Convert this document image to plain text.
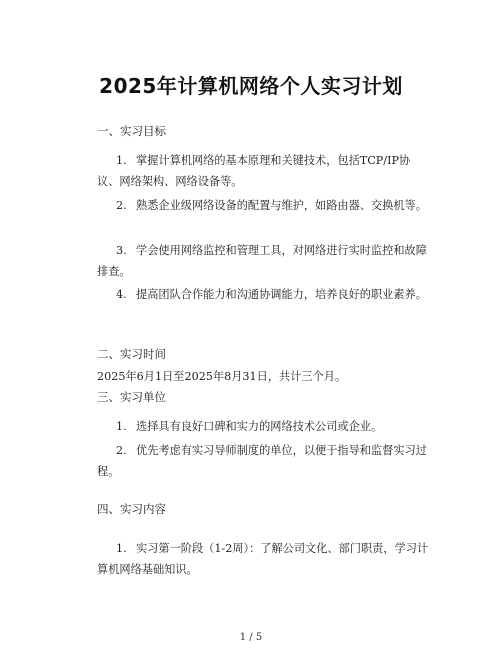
2025年计算机网络个人实习计划
一、实习目标
1. 掌握计算机网络的基本原理和关键技术，包括TCP/IP协议、网络架构、网络设备等。
2. 熟悉企业级网络设备的配置与维护，如路由器、交换机等。
3. 学会使用网络监控和管理工具，对网络进行实时监控和故障排查。
4. 提高团队合作能力和沟通协调能力，培养良好的职业素养。
二、实习时间
2025年6月1日至2025年8月31日，共计三个月。
三、实习单位
1. 选择具有良好口碑和实力的网络技术公司或企业。
2. 优先考虑有实习导师制度的单位，以便于指导和监督实习过程。
四、实习内容
1. 实习第一阶段（1-2周）：了解公司文化、部门职责，学习计算机网络基础知识。
1 / 5
